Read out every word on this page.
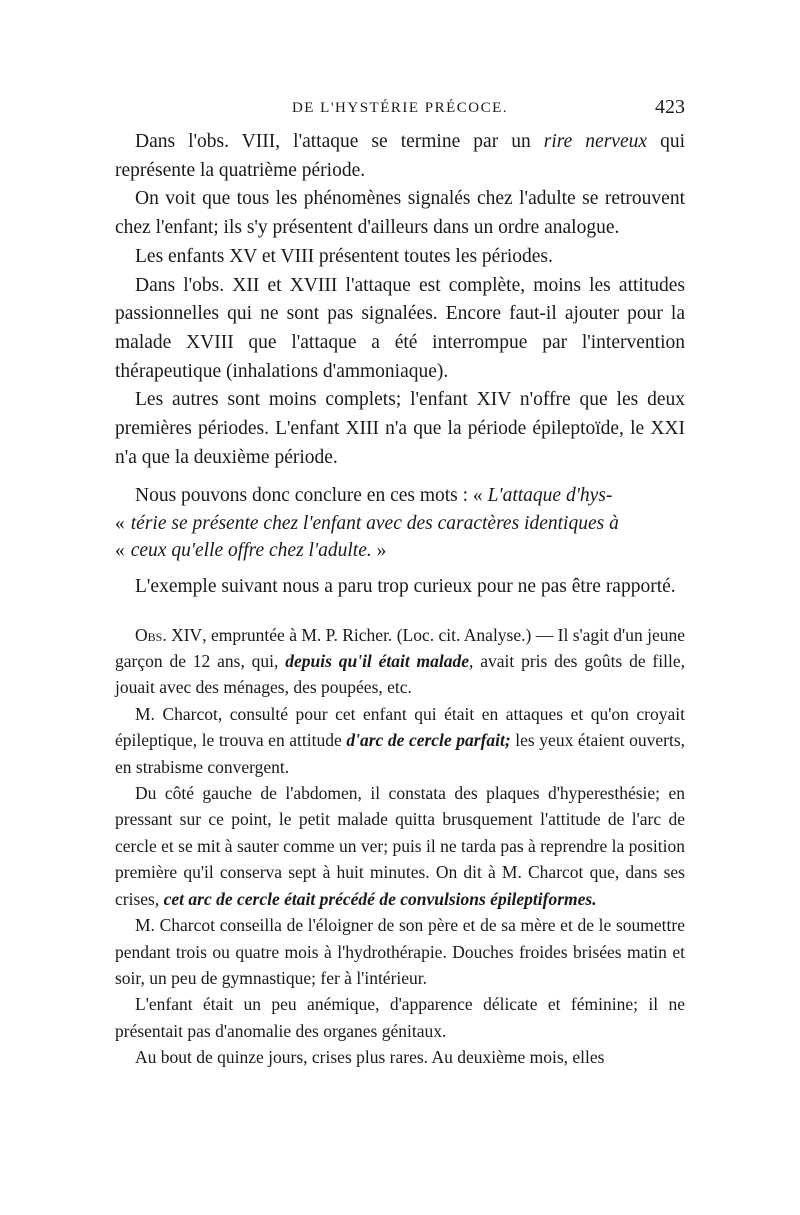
DE L'HYSTÉRIE PRÉCOCE.	423

Dans l'obs. VIII, l'attaque se termine par un rire nerveux qui représente la quatrième période.

On voit que tous les phénomènes signalés chez l'adulte se retrouvent chez l'enfant; ils s'y présentent d'ailleurs dans un ordre analogue.

Les enfants XV et VIII présentent toutes les périodes.

Dans l'obs. XII et XVIII l'attaque est complète, moins les attitudes passionnelles qui ne sont pas signalées. Encore faut-il ajouter pour la malade XVIII que l'attaque a été interrompue par l'intervention thérapeutique (inhalations d'ammoniaque).

Les autres sont moins complets; l'enfant XIV n'offre que les deux premières périodes. L'enfant XIII n'a que la période épileptoïde, le XXI n'a que la deuxième période.

Nous pouvons donc conclure en ces mots : « L'attaque d'hys-
« térie se présente chez l'enfant avec des caractères identiques à
« ceux qu'elle offre chez l'adulte. »

L'exemple suivant nous a paru trop curieux pour ne pas être rapporté.

Obs. XIV, empruntée à M. P. Richer. (Loc. cit. Analyse.) — Il s'agit d'un jeune garçon de 12 ans, qui, depuis qu'il était malade, avait pris des goûts de fille, jouait avec des ménages, des poupées, etc.

M. Charcot, consulté pour cet enfant qui était en attaques et qu'on croyait épileptique, le trouva en attitude d'arc de cercle parfait; les yeux étaient ouverts, en strabisme convergent.

Du côté gauche de l'abdomen, il constata des plaques d'hyperesthésie; en pressant sur ce point, le petit malade quitta brusquement l'attitude de l'arc de cercle et se mit à sauter comme un ver; puis il ne tarda pas à reprendre la position première qu'il conserva sept à huit minutes. On dit à M. Charcot que, dans ses crises, cet arc de cercle était précédé de convulsions épileptiformes.

M. Charcot conseilla de l'éloigner de son père et de sa mère et de le soumettre pendant trois ou quatre mois à l'hydrothérapie. Douches froides brisées matin et soir, un peu de gymnastique; fer à l'intérieur.

L'enfant était un peu anémique, d'apparence délicate et féminine; il ne présentait pas d'anomalie des organes génitaux.

Au bout de quinze jours, crises plus rares. Au deuxième mois, elles
